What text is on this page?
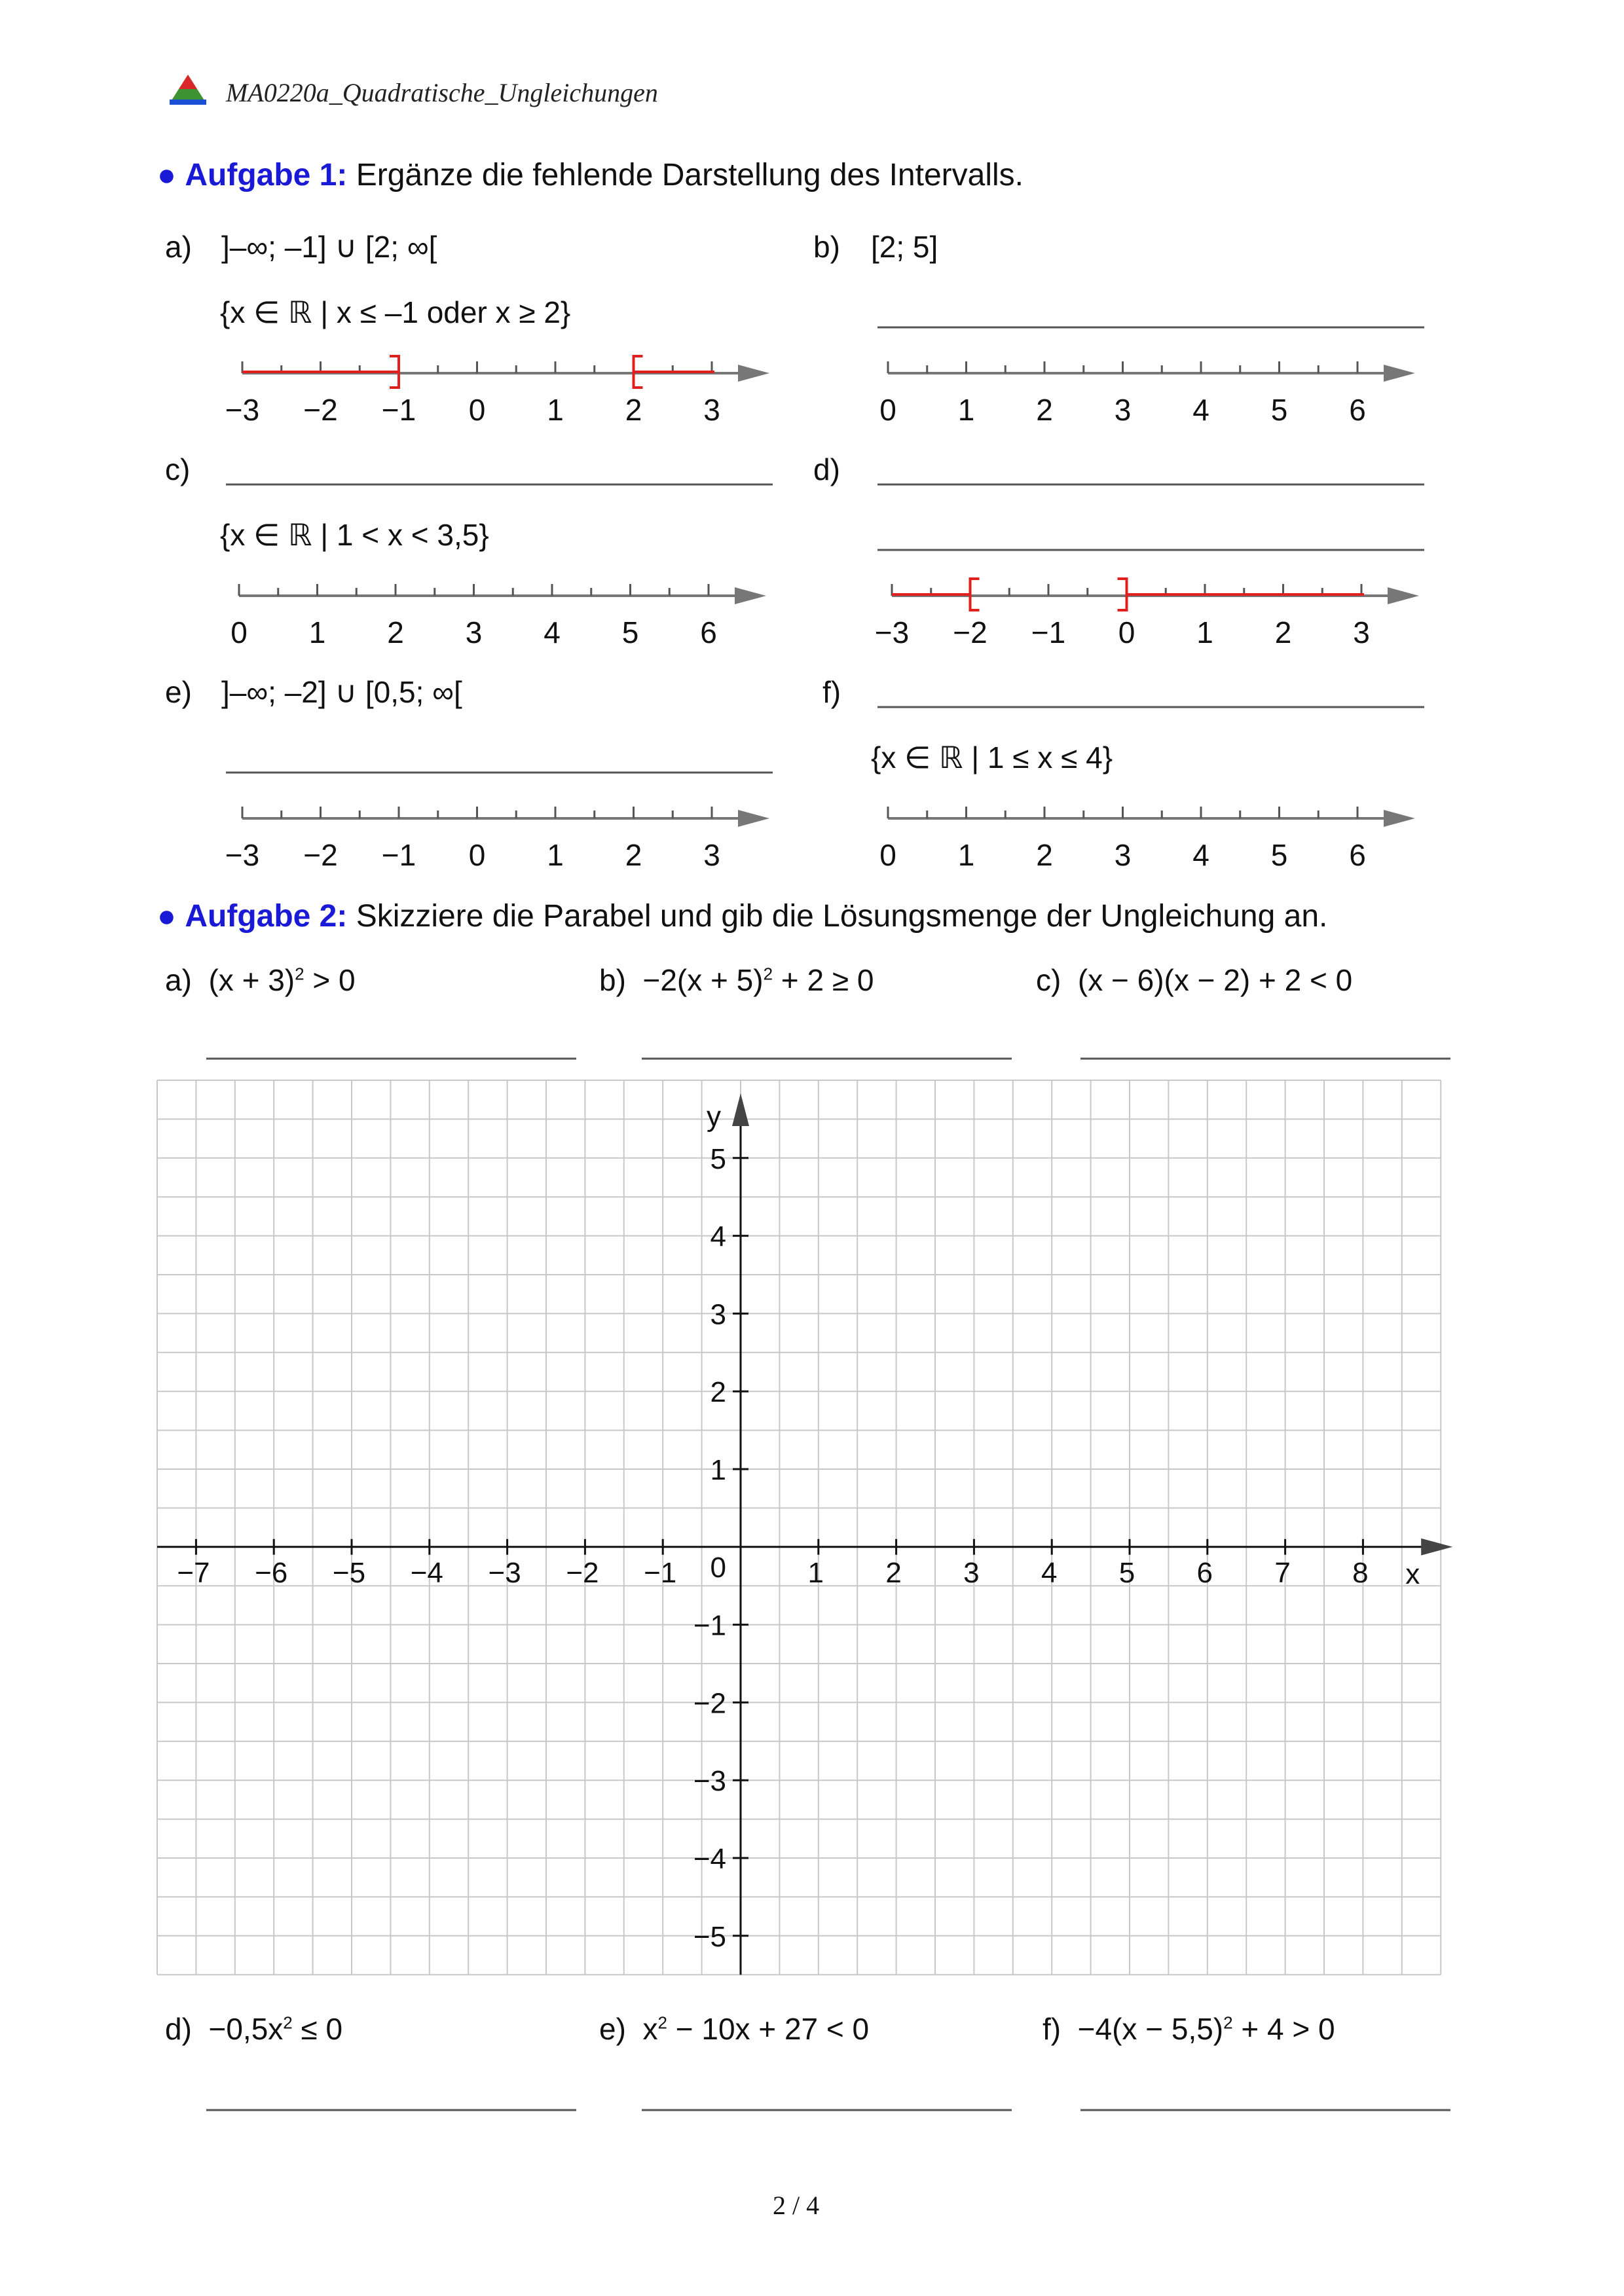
MA0220a_Quadratische_Ungleichungen
● Aufgabe 1: Ergänze die fehlende Darstellung des Intervalls.
a) ]–∞; –1] ∪ [2; ∞[
{x ∈ ℝ | x ≤ –1 oder x ≥ 2}
b) [2; 5]
c)
{x ∈ ℝ | 1 < x < 3,5}
d)
e) ]–∞; –2] ∪ [0,5; ∞[	f)
{x ∈ ℝ | 1 ≤ x ≤ 4}
● Aufgabe 2: Skizziere die Parabel und gib die Lösungsmenge der Ungleichung an.
a) $(x + 3)^2 > 0$	$b) -2(x + 5)^2 + 2 \ge 0$	c) (x − 6)(x − 2) + 2 < 0
$d) -0,5x^2 \le 0$	e) $x^2 - 10x + 27 < 0$	$f) -4(x - 5,5)^2 + 4 > 0$
2 / 4
−3 −2 −1 0 1 2 3	0 1 2 3 4 5 6
0 1 2 3 4 5 6	−3 −2 −1 0 1 2 3
−3 −2 −1 0 1 2 3	0 1 2 3 4 5 6
−7 −6 −5 −4 −3 −2 −1	1 2 3 4 5 6 7 8
5
4
3
2
1
−1
−2
−3
−4
−5
0	x
y
